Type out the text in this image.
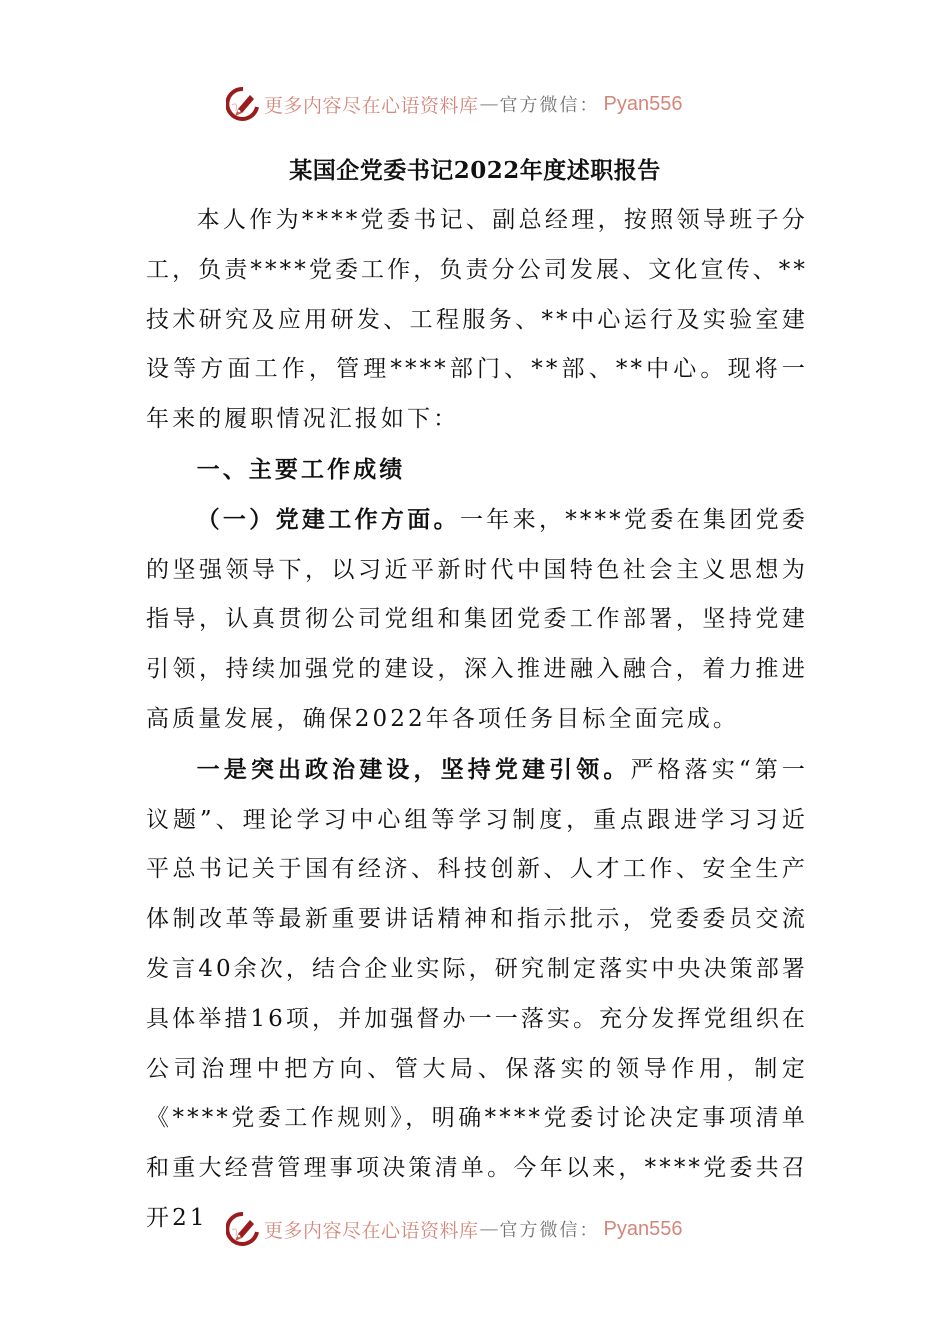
更多内容尽在心语资料库 — 官方微信： Pyan556
某国企党委书记2022年度述职报告

本人作为****党委书记、副总经理，按照领导班子分工，负责****党委工作，负责分公司发展、文化宣传、**技术研究及应用研发、工程服务、**中心运行及实验室建设等方面工作，管理****部门、**部、**中心。现将一年来的履职情况汇报如下：

一、主要工作成绩

（一）党建工作方面。一年来，****党委在集团党委的坚强领导下，以习近平新时代中国特色社会主义思想为指导，认真贯彻公司党组和集团党委工作部署，坚持党建引领，持续加强党的建设，深入推进融入融合，着力推进高质量发展，确保2022年各项任务目标全面完成。

一是突出政治建设，坚持党建引领。严格落实“第一议题”、理论学习中心组等学习制度，重点跟进学习习近平总书记关于国有经济、科技创新、人才工作、安全生产体制改革等最新重要讲话精神和指示批示，党委委员交流发言40余次，结合企业实际，研究制定落实中央决策部署具体举措16项，并加强督办一一落实。充分发挥党组织在公司治理中把方向、管大局、保落实的领导作用，制定《****党委工作规则》，明确****党委讨论决定事项清单和重大经营管理事项决策清单。今年以来，****党委共召开21	更多内容尽在心语资料库 — 官方微信： Pyan556
